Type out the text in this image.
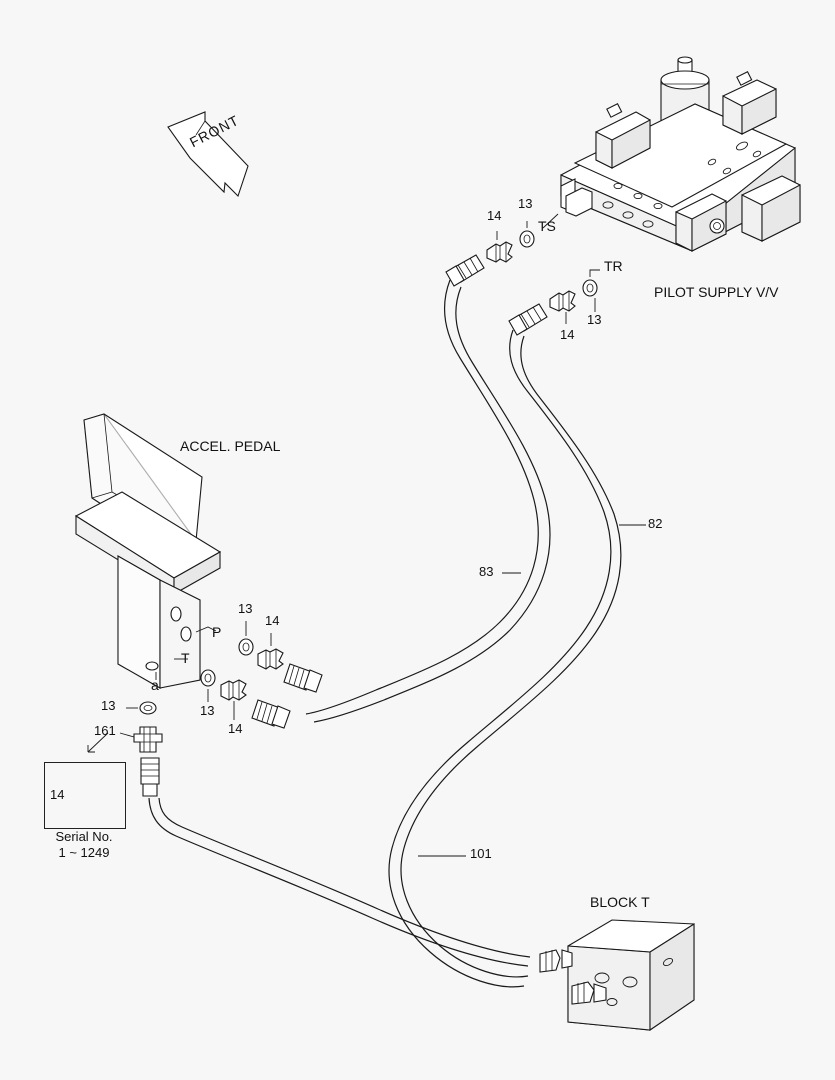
FRONT
14
13
TS
TR
13
14
PILOT SUPPLY V/V
ACCEL. PEDAL
13
14
P
T
13
14
a
13
161
82
83
101
14
Serial No.
1 ~ 1249
BLOCK T
